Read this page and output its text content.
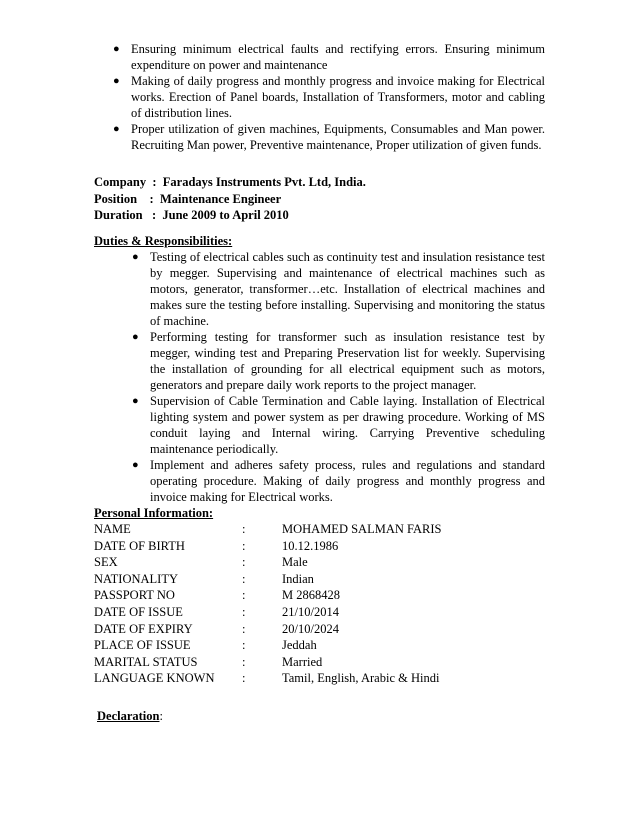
● Ensuring minimum electrical faults and rectifying errors. Ensuring minimum expenditure on power and maintenance
● Making of daily progress and monthly progress and invoice making for Electrical works. Erection of Panel boards, Installation of Transformers, motor and cabling of distribution lines.
● Proper utilization of given machines, Equipments, Consumables and Man power. Recruiting Man power, Preventive maintenance, Proper utilization of given funds.
Company  :  Faradays Instruments Pvt. Ltd, India.
Position    :  Maintenance Engineer
Duration   :  June 2009 to April 2010
Duties & Responsibilities:
● Testing of electrical cables such as continuity test and insulation resistance test by megger. Supervising and maintenance of electrical machines such as motors, generator, transformer…etc. Installation of electrical machines and makes sure the testing before installing. Supervising and monitoring the status of machine.
● Performing testing for transformer such as insulation resistance test by megger, winding test and Preparing Preservation list for weekly. Supervising the installation of grounding for all electrical equipment such as motors, generators and prepare daily work reports to the project manager.
● Supervision of Cable Termination and Cable laying. Installation of Electrical lighting system and power system as per drawing procedure. Working of MS conduit laying and Internal wiring. Carrying Preventive scheduling maintenance periodically.
● Implement and adheres safety process, rules and regulations and standard operating procedure. Making of daily progress and monthly progress and invoice making for Electrical works.
Personal Information:
NAME	:	MOHAMED SALMAN FARIS
DATE OF BIRTH	:	10.12.1986
SEX	:	Male
NATIONALITY	:	Indian
PASSPORT NO	:	M 2868428
DATE OF ISSUE	:	21/10/2014
DATE OF EXPIRY	:	20/10/2024
PLACE OF ISSUE	:	Jeddah
MARITAL STATUS	:	Married
LANGUAGE KNOWN :	Tamil, English, Arabic & Hindi
Declaration:
